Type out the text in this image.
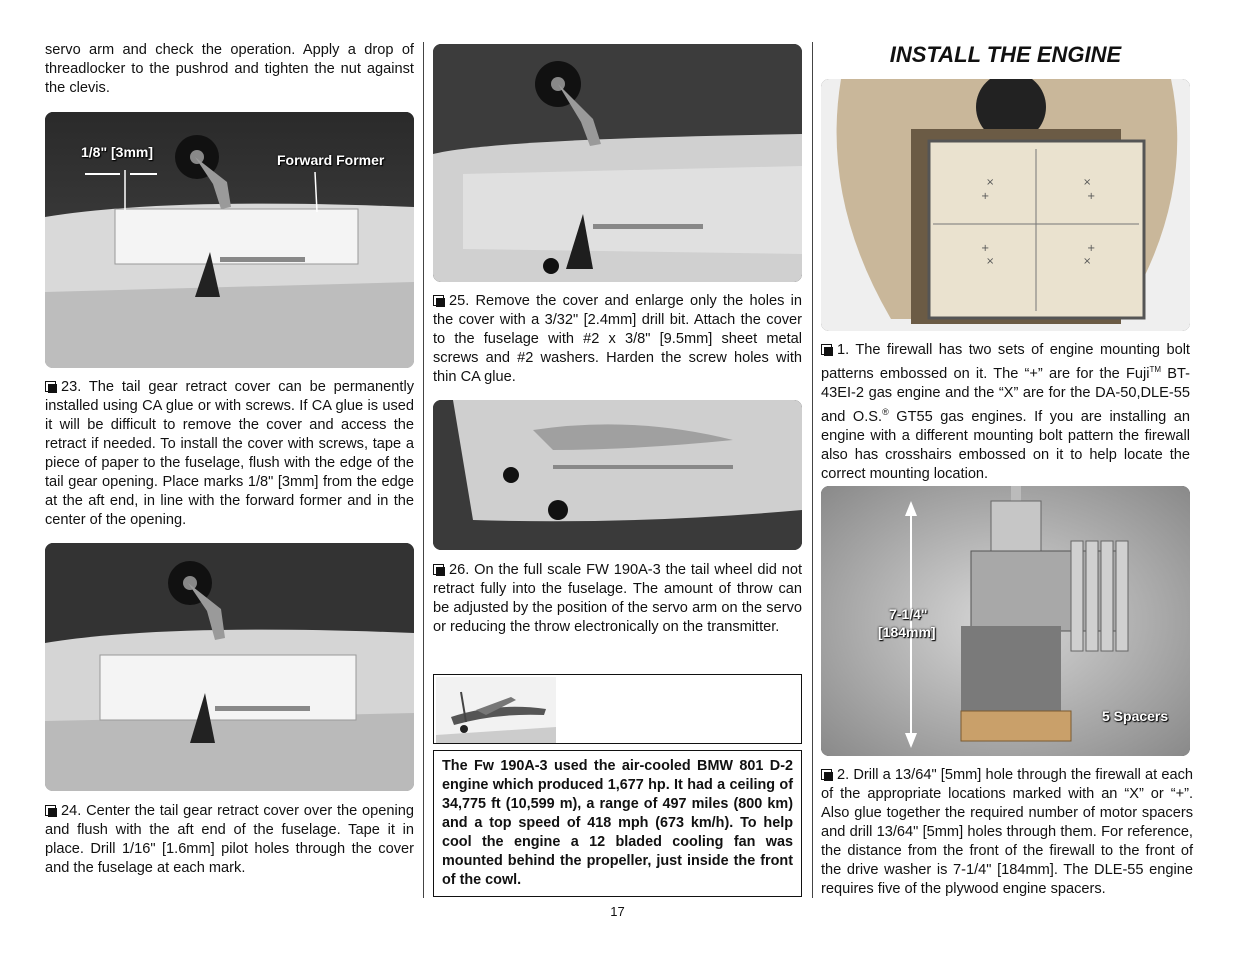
servo arm and check the operation. Apply a drop of threadlocker to the pushrod and tighten the nut against the clevis.

1/8" [3mm]	Forward Former

23. The tail gear retract cover can be permanently installed using CA glue or with screws. If CA glue is used it will be difficult to remove the cover and access the retract if needed. To install the cover with screws, tape a piece of paper to the fuselage, flush with the edge of the tail gear opening. Place marks 1/8" [3mm] from the edge at the aft end, in line with the forward former and in the center of the opening.

24. Center the tail gear retract cover over the opening and flush with the aft end of the fuselage. Tape it in place. Drill 1/16" [1.6mm] pilot holes through the cover and the fuselage at each mark.

25. Remove the cover and enlarge only the holes in the cover with a 3/32" [2.4mm] drill bit. Attach the cover to the fuselage with #2 x 3/8" [9.5mm] sheet metal screws and #2 washers. Harden the screw holes with thin CA glue.

26. On the full scale FW 190A-3 the tail wheel did not retract fully into the fuselage. The amount of throw can be adjusted by the position of the servo arm on the servo or reducing the throw electronically on the transmitter.

The Fw 190A-3 used the air-cooled BMW 801 D-2 engine which produced 1,677 hp. It had a ceiling of 34,775 ft (10,599 m), a range of 497 miles (800 km) and a top speed of 418 mph (673 km/h). To help cool the engine a 12 bladed cooling fan was mounted behind the propeller, just inside the front of the cowl.

INSTALL THE ENGINE
×
+
×
+
+
×
+
×

1. The firewall has two sets of engine mounting bolt patterns embossed on it. The “+” are for the Fuji™ BT-43EI-2 gas engine and the “X” are for the DA-50,DLE-55 and O.S.® GT55 gas engines. If you are installing an engine with a different mounting bolt pattern the firewall also has crosshairs embossed on it to help locate the correct mounting location.

7-1/4"
[184mm]
5 Spacers

2. Drill a 13/64" [5mm] hole through the firewall at each of the appropriate locations marked with an “X” or “+”. Also glue together the required number of motor spacers and drill 13/64" [5mm] holes through them. For reference, the distance from the front of the firewall to the front of the drive washer is 7-1/4" [184mm]. The DLE-55 engine requires five of the plywood engine spacers.

17
